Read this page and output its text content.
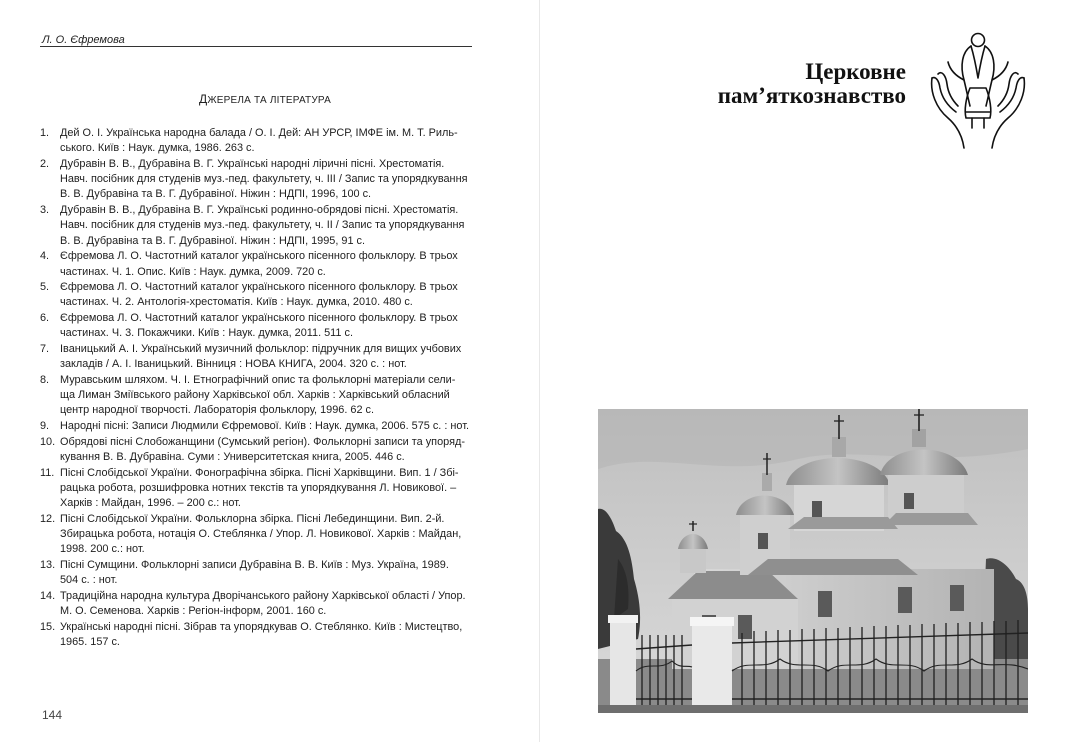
Л. О. Єфремова
ДЖЕРЕЛА ТА ЛІТЕРАТУРА
1. Дей О. І. Українська народна балада / О. І. Дей: АН УРСР, ІМФЕ ім. М. Т. Риль-ського. Київ : Наук. думка, 1986. 263 с.
2. Дубравін В. В., Дубравіна В. Г. Українські народні ліричні пісні. Хрестоматія. Навч. посібник для студенів муз.-пед. факультету, ч. III / Запис та упорядкування В. В. Дубравіна та В. Г. Дубравіної. Ніжин : НДПІ, 1996, 100 с.
3. Дубравін В. В., Дубравіна В. Г. Українські родинно-обрядові пісні. Хрестоматія. Навч. посібник для студенів муз.-пед. факультету, ч. II / Запис та упорядкування В. В. Дубравіна та В. Г. Дубравіної. Ніжин : НДПІ, 1995, 91 с.
4. Єфремова Л. О. Частотний каталог українського пісенного фольклору. В трьох частинах. Ч. 1. Опис. Київ : Наук. думка, 2009. 720 с.
5. Єфремова Л. О. Частотний каталог українського пісенного фольклору. В трьох частинах. Ч. 2. Антологія-хрестоматія. Київ : Наук. думка, 2010. 480 с.
6. Єфремова Л. О. Частотний каталог українського пісенного фольклору. В трьох частинах. Ч. 3. Покажчики. Київ : Наук. думка, 2011. 511 с.
7. Іваницький А. І. Український музичний фольклор: підручник для вищих учбових закладів / А. І. Іваницький. Вінниця : НОВА КНИГА, 2004. 320 с. : нот.
8. Муравським шляхом. Ч. І. Етнографічний опис та фольклорні матеріали сели-ща Лиман Зміївського району Харківської обл. Харків : Харківський обласний центр народної творчості. Лабораторія фольклору, 1996. 62 с.
9. Народні пісні: Записи Людмили Єфремової. Київ : Наук. думка, 2006. 575 с. : нот.
10. Обрядові пісні Слобожанщини (Сумський регіон). Фольклорні записи та упоряд-кування В. В. Дубравіна. Суми : Университетская книга, 2005. 446 с.
11. Пісні Слобідської України. Фонографічна збірка. Пісні Харківщини. Вип. 1 / Збі-рацька робота, розшифровка нотних текстів та упорядкування Л. Новикової. – Харків : Майдан, 1996. – 200 с.: нот.
12. Пісні Слобідської України. Фольклорна збірка. Пісні Лебединщини. Вип. 2-й. Збирацька робота, нотація О. Стеблянка / Упор. Л. Новикової. Харків : Майдан, 1998. 200 с.: нот.
13. Пісні Сумщини. Фольклорні записи Дубравіна В. В. Київ : Муз. Україна, 1989. 504 с. : нот.
14. Традиційна народна культура Дворічанського району Харківської області / Упор. М. О. Семенова. Харків : Регіон-інформ, 2001. 160 с.
15. Українські народні пісні. Зібрав та упорядкував О. Стеблянко. Київ : Мистецтво, 1965. 157 с.
144
Церковне
пам’яткознавство
